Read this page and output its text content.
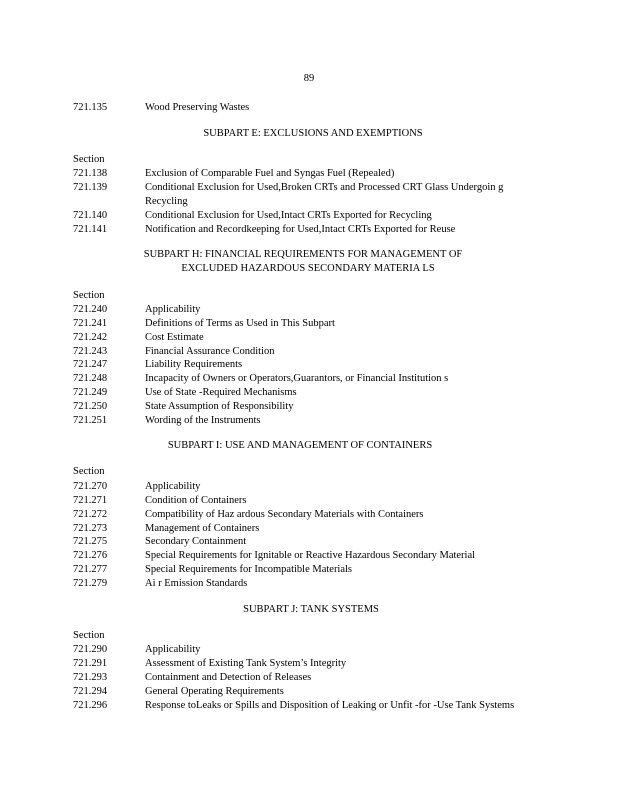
89
721.135	Wood Preserving Wastes
SUBPART E: EXCLUSIONS AND EXEMPTIONS
Section
721.138	Exclusion of Comparable Fuel and Syngas Fuel (Repealed)
721.139	Conditional Exclusion for Used,Broken CRTs and Processed CRT Glass Undergoin g Recycling
721.140	Conditional Exclusion for Used,Intact CRTs Exported for Recycling
721.141	Notification and Recordkeeping for Used,Intact CRTs Exported for Reuse
SUBPART H: FINANCIAL REQUIREMENTS FOR MANAGEMENT OF
EXCLUDED HAZARDOUS SECONDARY MATERIA LS
Section
721.240	Applicability
721.241	Definitions of Terms as Used in This Subpart
721.242	Cost Estimate
721.243	Financial Assurance Condition
721.247	Liability Requirements
721.248	Incapacity of Owners or Operators,Guarantors, or Financial Institution s
721.249	Use of State -Required Mechanisms
721.250	State Assumption of Responsibility
721.251	Wording of the Instruments
SUBPART I: USE AND MANAGEMENT OF CONTAINERS
Section
721.270	Applicability
721.271	Condition of Containers
721.272	Compatibility of Haz ardous Secondary Materials with Containers
721.273	Management of Containers
721.275	Secondary Containment
721.276	Special Requirements for Ignitable or Reactive Hazardous Secondary Material
721.277	Special Requirements for Incompatible Materials
721.279	Ai r Emission Standards
SUBPART J: TANK SYSTEMS
Section
721.290	Applicability
721.291	Assessment of Existing Tank System’s Integrity
721.293	Containment and Detection of Releases
721.294	General Operating Requirements
721.296	Response toLeaks or Spills and Disposition of Leaking or Unfit -for -Use Tank Systems
